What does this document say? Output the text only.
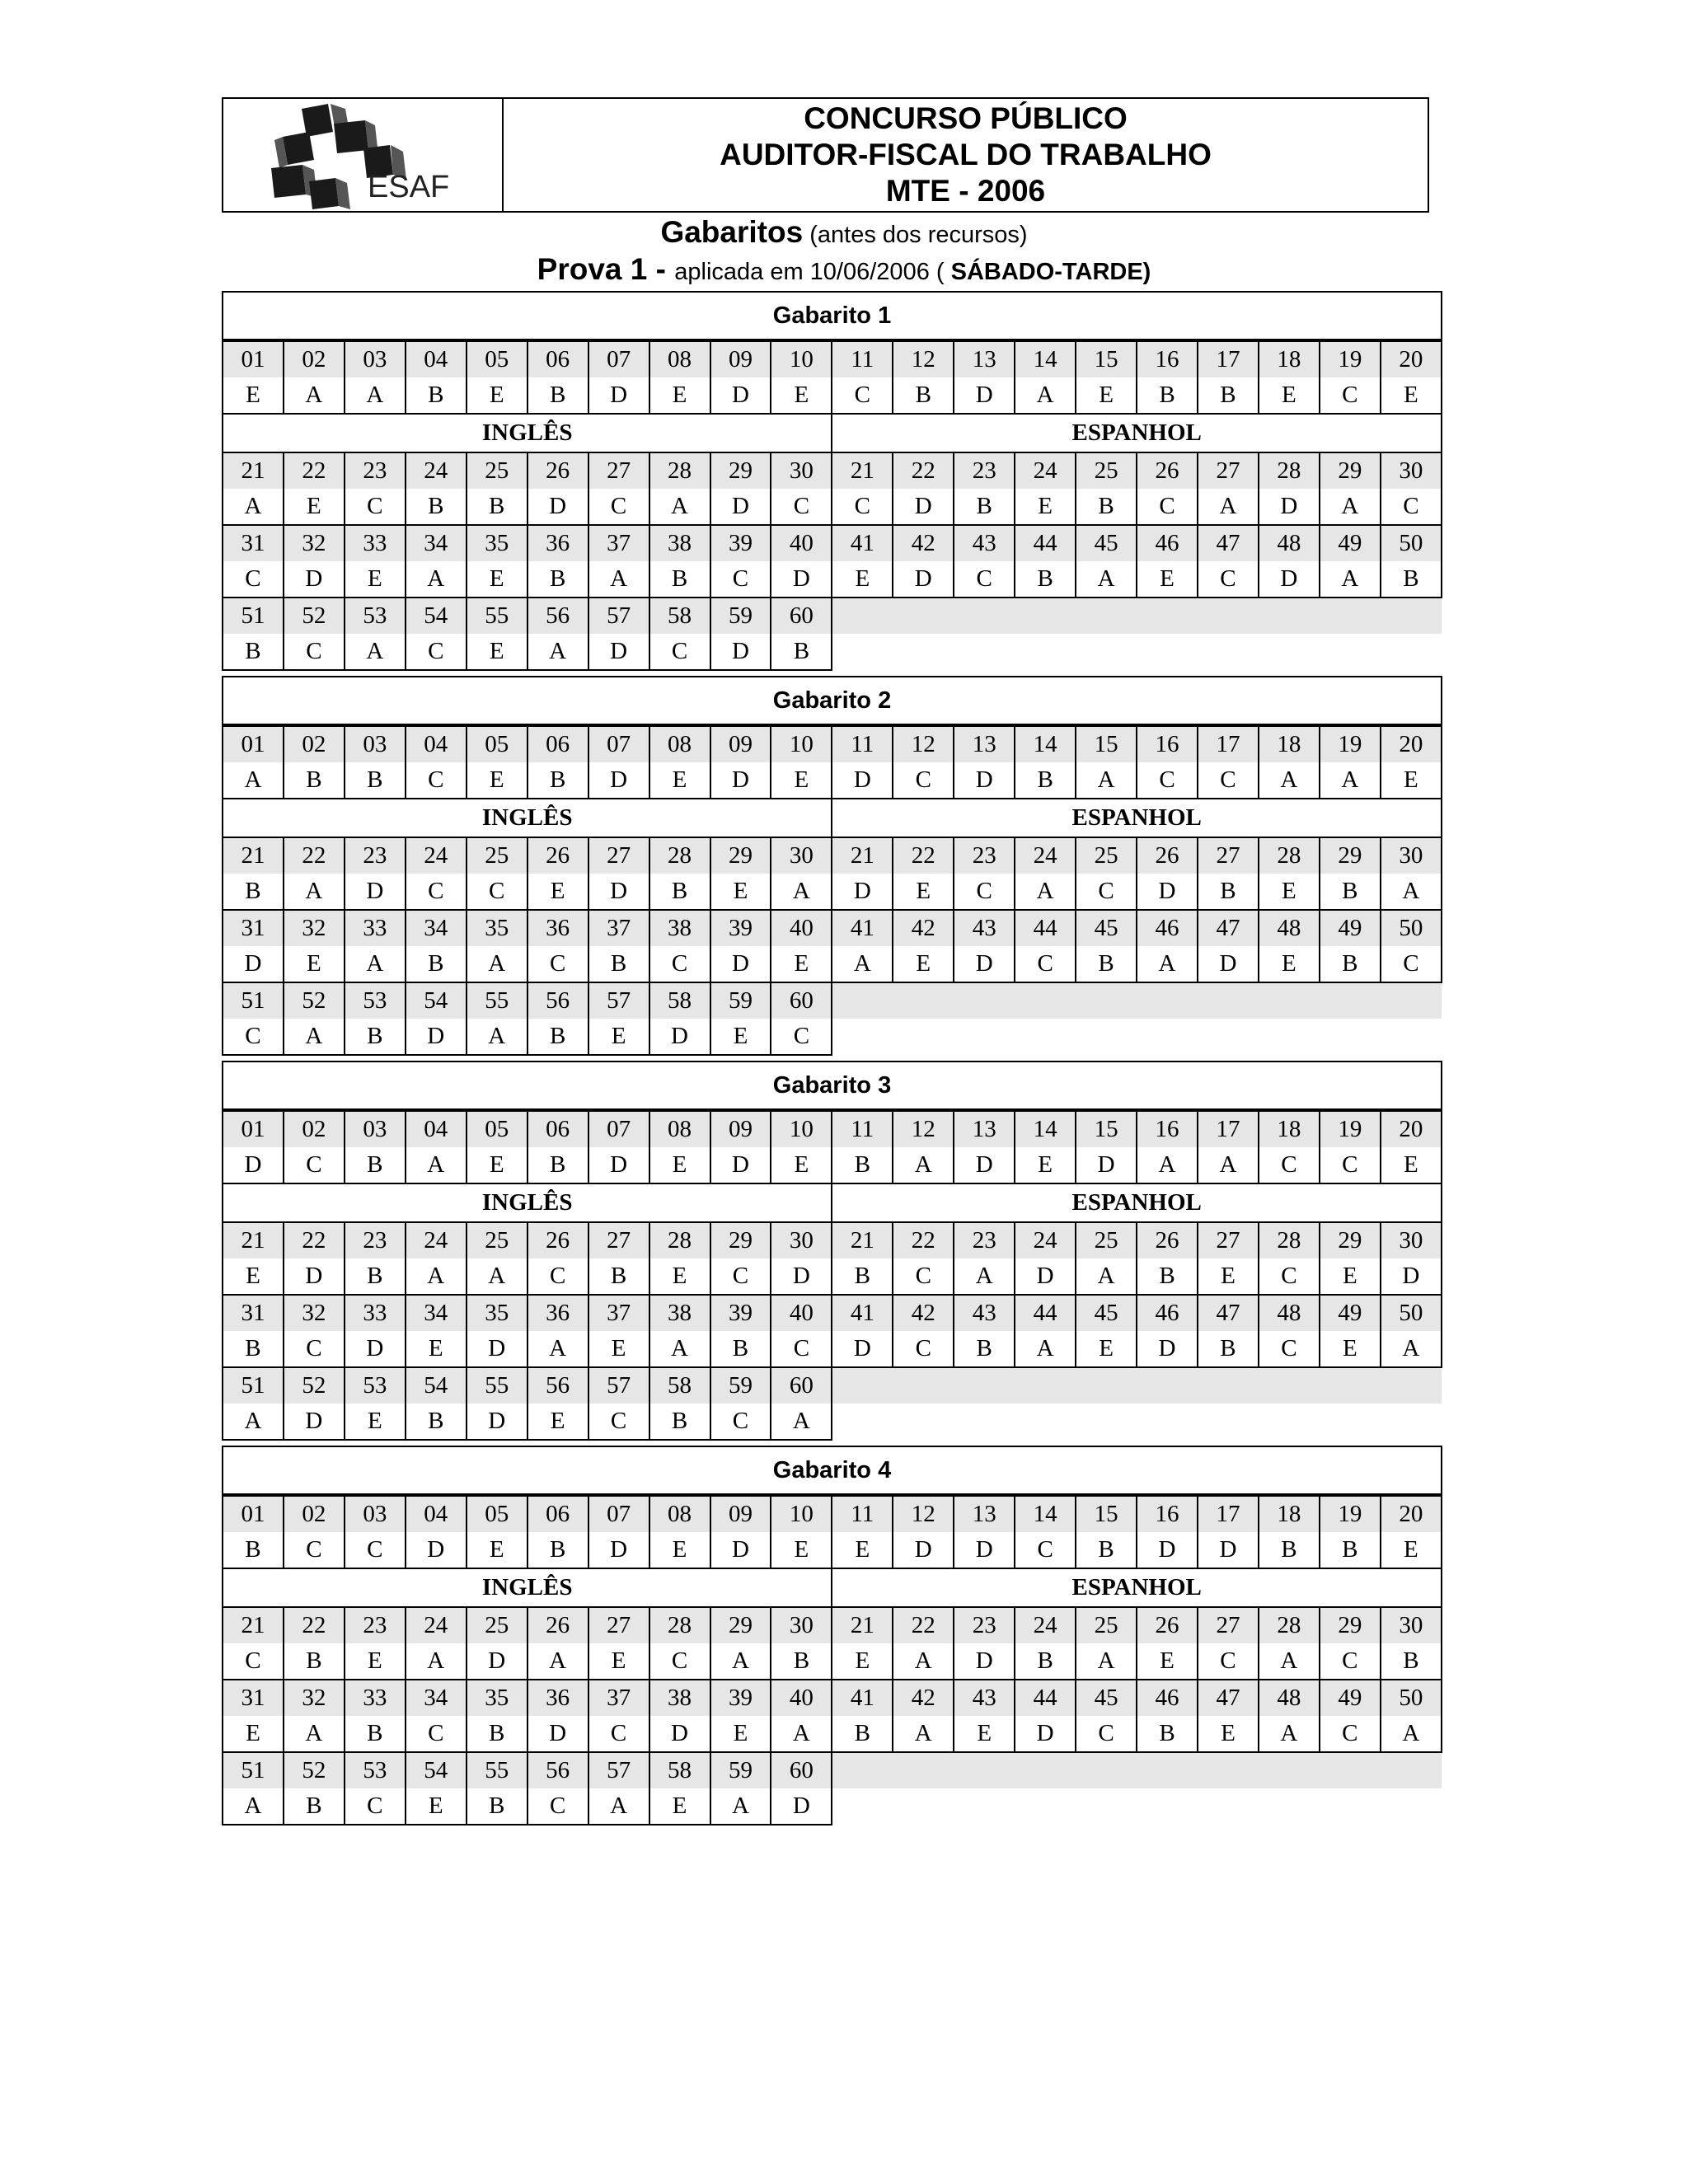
ESAF
CONCURSO PÚBLICO
AUDITOR-FISCAL DO TRABALHO
MTE - 2006
Gabaritos (antes dos recursos)
Prova 1 - aplicada em 10/06/2006 ( SÁBADO-TARDE)
Gabarito 1
01	02	03	04	05	06	07	08	09	10	11	12	13	14	15	16	17	18	19	20
E	A	A	B	E	B	D	E	D	E	C	B	D	A	E	B	B	E	C	E
INGLÊS										ESPANHOL									
21	22	23	24	25	26	27	28	29	30	21	22	23	24	25	26	27	28	29	30
A	E	C	B	B	D	C	A	D	C	C	D	B	E	B	C	A	D	A	C
31	32	33	34	35	36	37	38	39	40	41	42	43	44	45	46	47	48	49	50
C	D	E	A	E	B	A	B	C	D	E	D	C	B	A	E	C	D	A	B
51	52	53	54	55	56	57	58	59	60										
B	C	A	C	E	A	D	C	D	B										
Gabarito 2
01	02	03	04	05	06	07	08	09	10	11	12	13	14	15	16	17	18	19	20
A	B	B	C	E	B	D	E	D	E	D	C	D	B	A	C	C	A	A	E
INGLÊS										ESPANHOL									
21	22	23	24	25	26	27	28	29	30	21	22	23	24	25	26	27	28	29	30
B	A	D	C	C	E	D	B	E	A	D	E	C	A	C	D	B	E	B	A
31	32	33	34	35	36	37	38	39	40	41	42	43	44	45	46	47	48	49	50
D	E	A	B	A	C	B	C	D	E	A	E	D	C	B	A	D	E	B	C
51	52	53	54	55	56	57	58	59	60										
C	A	B	D	A	B	E	D	E	C										
Gabarito 3
01	02	03	04	05	06	07	08	09	10	11	12	13	14	15	16	17	18	19	20
D	C	B	A	E	B	D	E	D	E	B	A	D	E	D	A	A	C	C	E
INGLÊS										ESPANHOL									
21	22	23	24	25	26	27	28	29	30	21	22	23	24	25	26	27	28	29	30
E	D	B	A	A	C	B	E	C	D	B	C	A	D	A	B	E	C	E	D
31	32	33	34	35	36	37	38	39	40	41	42	43	44	45	46	47	48	49	50
B	C	D	E	D	A	E	A	B	C	D	C	B	A	E	D	B	C	E	A
51	52	53	54	55	56	57	58	59	60										
A	D	E	B	D	E	C	B	C	A										
Gabarito 4
01	02	03	04	05	06	07	08	09	10	11	12	13	14	15	16	17	18	19	20
B	C	C	D	E	B	D	E	D	E	E	D	D	C	B	D	D	B	B	E
INGLÊS										ESPANHOL									
21	22	23	24	25	26	27	28	29	30	21	22	23	24	25	26	27	28	29	30
C	B	E	A	D	A	E	C	A	B	E	A	D	B	A	E	C	A	C	B
31	32	33	34	35	36	37	38	39	40	41	42	43	44	45	46	47	48	49	50
E	A	B	C	B	D	C	D	E	A	B	A	E	D	C	B	E	A	C	A
51	52	53	54	55	56	57	58	59	60										
A	B	C	E	B	C	A	E	A	D										
